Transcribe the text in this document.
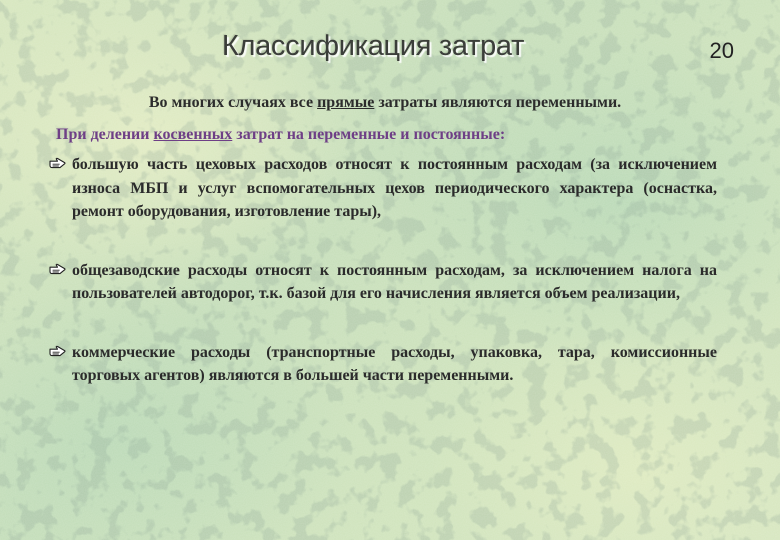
Классификация затрат	20
Во многих случаях все прямые затраты являются переменными.
При делении косвенных затрат на переменные и постоянные:
большую часть цеховых расходов относят к постоянным расходам (за исключением износа МБП и услуг вспомогательных цехов периодического характера (оснастка, ремонт оборудования, изготовление тары),
общезаводские расходы относят к постоянным расходам, за исключением налога на пользователей автодорог, т.к. базой для его начисления является объем реализации,
коммерческие расходы (транспортные расходы, упаковка, тара, комиссионные торговых агентов) являются в большей части переменными.
